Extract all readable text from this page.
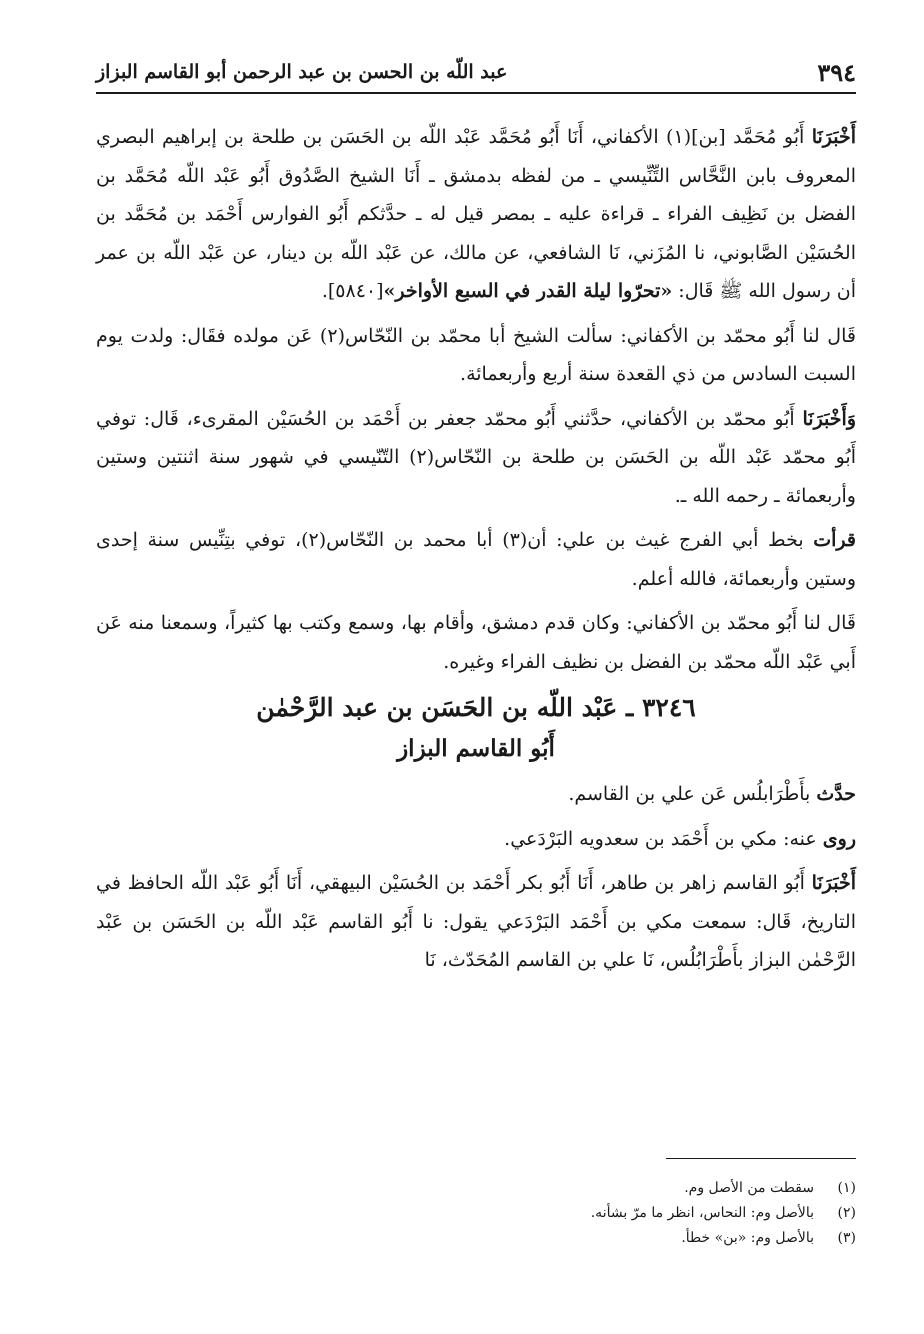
٣٩٤
عبد اللّه بن الحسن بن عبد الرحمن أبو القاسم البزاز

أَخْبَرَنَا أَبُو مُحَمَّد [بن](١) الأكفاني، أَنَا أَبُو مُحَمَّد عَبْد اللّه بن الحَسَن بن طلحة بن إبراهيم البصري المعروف بابن النَّحَّاس التِّنِّيسي ـ من لفظه بدمشق ـ أَنَا الشيخ الصَّدُوق أَبُو عَبْد اللّه مُحَمَّد بن الفضل بن نَظِيف الفراء ـ قراءة عليه ـ بمصر قيل له ـ حدَّثكم أَبُو الفوارس أَحْمَد بن مُحَمَّد بن الحُسَيْن الصَّابوني، نا المُزَني، نَا الشافعي، عن مالك، عن عَبْد اللّه بن دينار، عن عَبْد اللّه بن عمر أن رسول الله ﷺ قَال: «تحرّوا ليلة القدر في السبع الأواخر»[٥٨٤٠].

قَال لنا أَبُو محمّد بن الأكفاني: سألت الشيخ أبا محمّد بن النّحّاس(٢) عَن مولده فقَال: ولدت يوم السبت السادس من ذي القعدة سنة أربع وأربعمائة.

وَأَخْبَرَنَا أَبُو محمّد بن الأكفاني، حدَّثني أَبُو محمّد جعفر بن أَحْمَد بن الحُسَيْن المقرىء، قَال: توفي أَبُو محمّد عَبْد اللّه بن الحَسَن بن طلحة بن النّحّاس(٢) التّنّيسي في شهور سنة اثنتين وستين وأربعمائة ـ رحمه الله ـ.

قرأت بخط أبي الفرج غيث بن علي: أن(٣) أبا محمد بن النّحّاس(٢)، توفي بتِنِّيس سنة إحدى وستين وأربعمائة، فالله أعلم.

قَال لنا أَبُو محمّد بن الأكفاني: وكان قدم دمشق، وأقام بها، وسمع وكتب بها كثيراً، وسمعنا منه عَن أَبي عَبْد اللّه محمّد بن الفضل بن نظيف الفراء وغيره.

٣٢٤٦ ـ عَبْد اللّه بن الحَسَن بن عبد الرَّحْمٰن
أَبُو القاسم البزاز

حدَّث بأَطْرَابلُس عَن علي بن القاسم.

روى عنه: مكي بن أَحْمَد بن سعدويه البَرْدَعي.

أَخْبَرَنَا أَبُو القاسم زاهر بن طاهر، أَنَا أَبُو بكر أَحْمَد بن الحُسَيْن البيهقي، أَنَا أَبُو عَبْد اللّه الحافظ في التاريخ، قَال: سمعت مكي بن أَحْمَد البَرْدَعي يقول: نا أَبُو القاسم عَبْد اللّه بن الحَسَن بن عَبْد الرَّحْمٰن البزاز بأَطْرَابُلُس، نَا علي بن القاسم المُحَدّث، نَا

(١)
سقطت من الأصل وم.
(٢)
بالأصل وم: النحاس، انظر ما مرّ بشأنه.
(٣)
بالأصل وم: «بن» خطأ.
